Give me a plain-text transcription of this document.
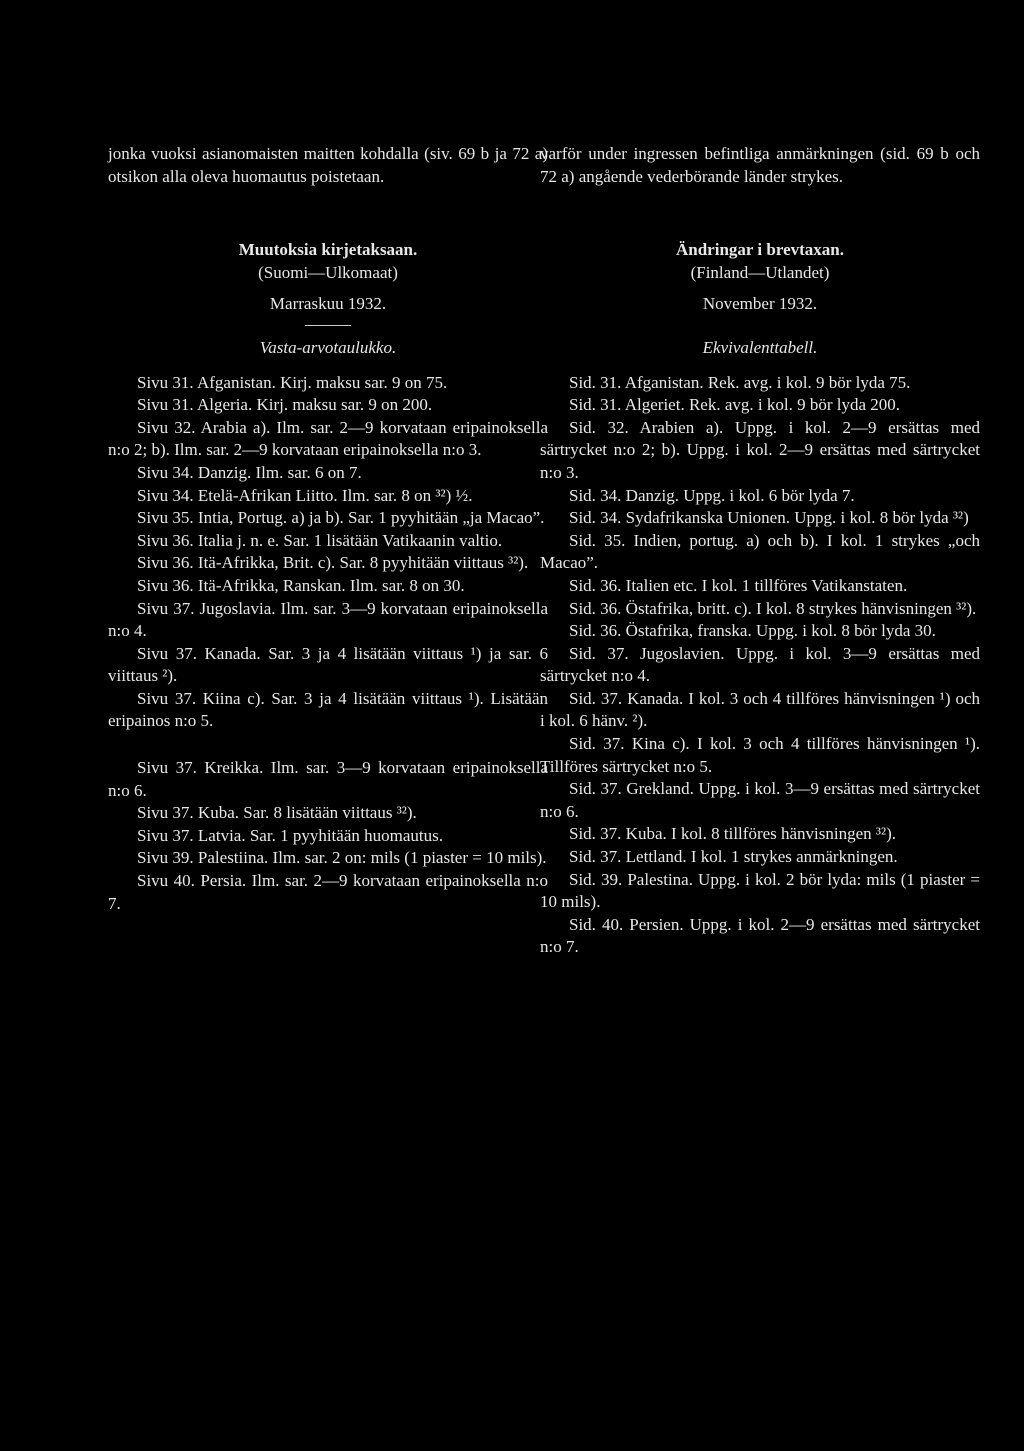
jonka vuoksi asianomaisten maitten kohdalla (siv. 69 b ja 72 a) otsikon alla oleva huomautus poistetaan.

Muutoksia kirjetaksaan.
(Suomi—Ulkomaat)
Marraskuu 1932.
Vasta-arvotaulukko.

Sivu 31. Afganistan. Kirj. maksu sar. 9 on 75.

Sivu 31. Algeria. Kirj. maksu sar. 9 on 200.

Sivu 32. Arabia a). Ilm. sar. 2—9 korvataan eripainoksella n:o 2; b). Ilm. sar. 2—9 korvataan eripainoksella n:o 3.

Sivu 34. Danzig. Ilm. sar. 6 on 7.

Sivu 34. Etelä-Afrikan Liitto. Ilm. sar. 8 on ³²) ½.

Sivu 35. Intia, Portug. a) ja b). Sar. 1 pyyhitään „ja Macao”.

Sivu 36. Italia j. n. e. Sar. 1 lisätään Vatikaanin valtio.

Sivu 36. Itä-Afrikka, Brit. c). Sar. 8 pyyhitään viittaus ³²).

Sivu 36. Itä-Afrikka, Ranskan. Ilm. sar. 8 on 30.

Sivu 37. Jugoslavia. Ilm. sar. 3—9 korvataan eripainoksella n:o 4.

Sivu 37. Kanada. Sar. 3 ja 4 lisätään viittaus ¹) ja sar. 6 viittaus ²).

Sivu 37. Kiina c). Sar. 3 ja 4 lisätään viittaus ¹). Lisätään eripainos n:o 5.

Sivu 37. Kreikka. Ilm. sar. 3—9 korvataan eripainoksella n:o 6.

Sivu 37. Kuba. Sar. 8 lisätään viittaus ³²).

Sivu 37. Latvia. Sar. 1 pyyhitään huomautus.

Sivu 39. Palestiina. Ilm. sar. 2 on: mils (1 piaster = 10 mils).

Sivu 40. Persia. Ilm. sar. 2—9 korvataan eripainoksella n:o 7.

varför under ingressen befintliga anmärkningen (sid. 69 b och 72 a) angående vederbörande länder strykes.

Ändringar i brevtaxan.
(Finland—Utlandet)
November 1932.
Ekvivalenttabell.

Sid. 31. Afganistan. Rek. avg. i kol. 9 bör lyda 75.

Sid. 31. Algeriet. Rek. avg. i kol. 9 bör lyda 200.

Sid. 32. Arabien a). Uppg. i kol. 2—9 ersättas med särtrycket n:o 2; b). Uppg. i kol. 2—9 ersättas med särtrycket n:o 3.

Sid. 34. Danzig. Uppg. i kol. 6 bör lyda 7.

Sid. 34. Sydafrikanska Unionen. Uppg. i kol. 8 bör lyda ³²)

Sid. 35. Indien, portug. a) och b). I kol. 1 strykes „och Macao”.

Sid. 36. Italien etc. I kol. 1 tillföres Vatikanstaten.

Sid. 36. Östafrika, britt. c). I kol. 8 strykes hänvisningen ³²).

Sid. 36. Östafrika, franska. Uppg. i kol. 8 bör lyda 30.

Sid. 37. Jugoslavien. Uppg. i kol. 3—9 ersättas med särtrycket n:o 4.

Sid. 37. Kanada. I kol. 3 och 4 tillföres hänvisningen ¹) och i kol. 6 hänv. ²).

Sid. 37. Kina c). I kol. 3 och 4 tillföres hänvisningen ¹). Tillföres särtrycket n:o 5.

Sid. 37. Grekland. Uppg. i kol. 3—9 ersättas med särtrycket n:o 6.

Sid. 37. Kuba. I kol. 8 tillföres hänvisningen ³²).

Sid. 37. Lettland. I kol. 1 strykes anmärkningen.

Sid. 39. Palestina. Uppg. i kol. 2 bör lyda: mils (1 piaster = 10 mils).

Sid. 40. Persien. Uppg. i kol. 2—9 ersättas med särtrycket n:o 7.
